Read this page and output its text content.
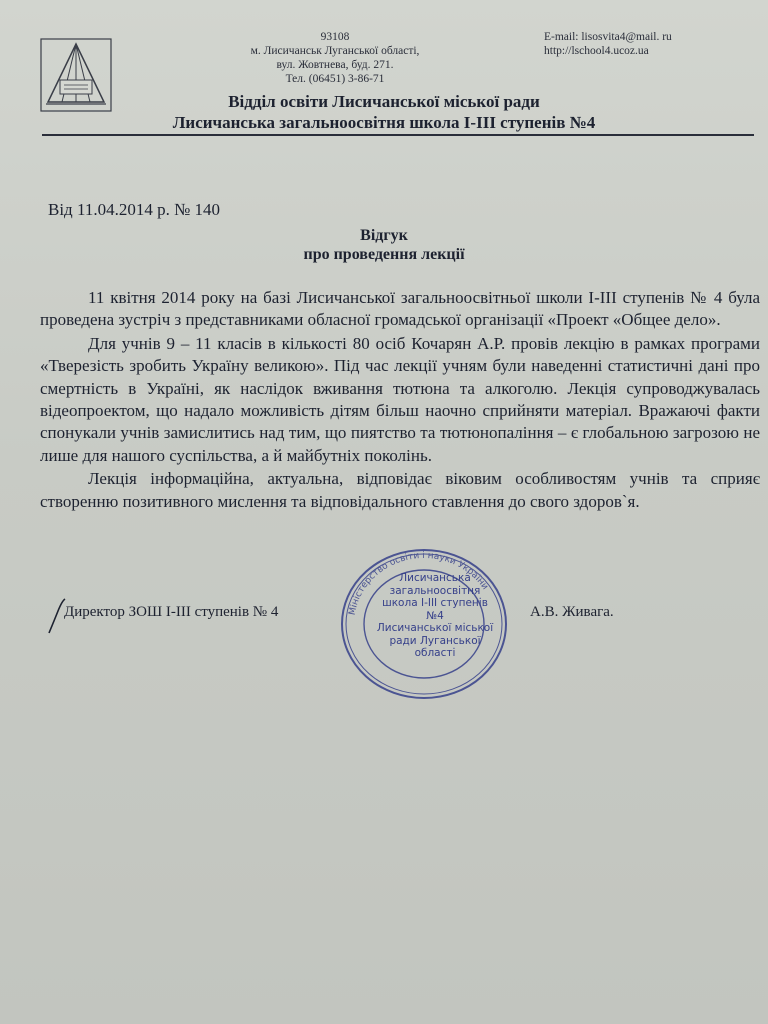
93108
м. Лисичанськ Луганської області,
вул. Жовтнева, буд. 271.
Тел. (06451) 3-86-71
E-mail: lisosvita4@mail. ru
http://lschool4.ucoz.ua
Відділ освіти Лисичанської міської ради
Лисичанська загальноосвітня школа І-ІІІ ступенів №4
Від 11.04.2014 р. № 140
Відгук
про проведення лекції

11 квітня 2014 року на базі Лисичанської загальноосвітньої школи І-ІІІ ступенів № 4 була проведена зустріч з представниками обласної громадської організації «Проект «Общее дело».

Для учнів 9 – 11 класів в кількості 80 осіб Кочарян А.Р. провів лекцію в рамках програми «Тверезість зробить Україну великою». Під час лекції учням були наведенні статистичні дані про смертність в Україні, як наслідок вживання тютюна та алкоголю. Лекція супроводжувалась відеопроектом, що надало можливість дітям більш наочно сприйняти матеріал. Вражаючі факти спонукали учнів замислитись над тим, що пиятство та тютюнопаління – є глобальною загрозою не лише для нашого суспільства, а й майбутніх поколінь.

Лекція інформаційна, актуальна, відповідає віковим особливостям учнів та сприяє створенню позитивного мислення та відповідального ставлення до свого здоров`я.

Міністерство освіти і науки України
Лисичанська
загальноосвітня
школа І-ІІІ ступенів
№4
Лисичанської міської
ради Луганської
області
Директор ЗОШ І-ІІІ ступенів № 4	А.В. Живага.
